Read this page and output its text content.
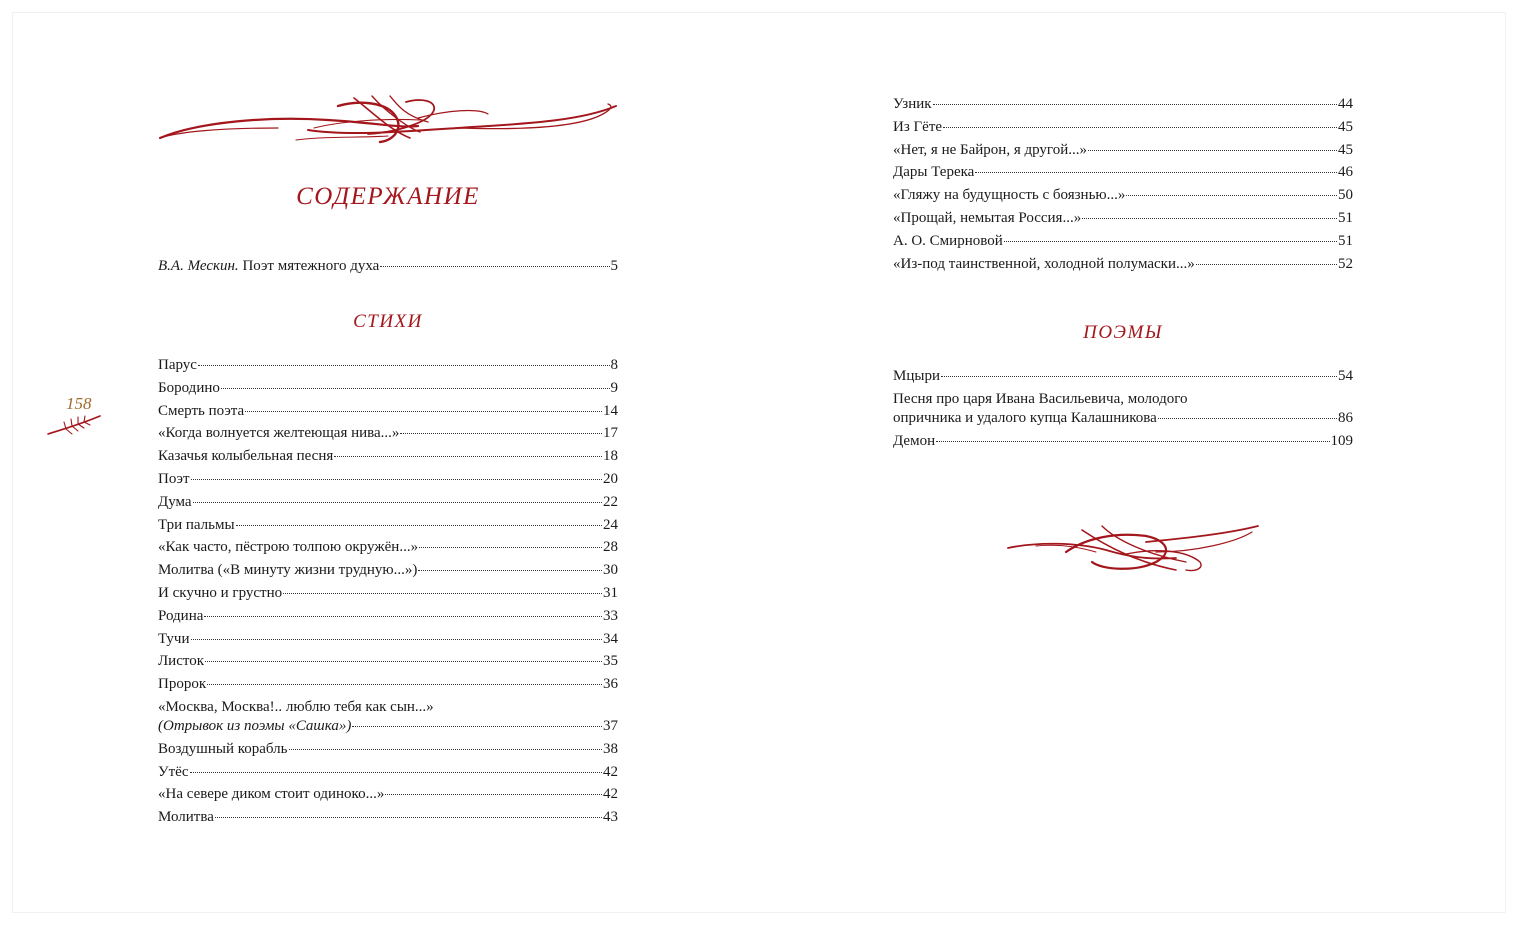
СОДЕРЖАНИЕ
В.А. Мескин. Поэт мятежного духа	5
СТИХИ
Парус	8
Бородино	9
Смерть поэта	14
«Когда волнуется желтеющая нива...»	17
Казачья колыбельная песня	18
Поэт	20
Дума	22
Три пальмы	24
«Как часто, пёстрою толпою окружён...»	28
Молитва («В минуту жизни трудную...»)	30
И скучно и грустно	31
Родина	33
Тучи	34
Листок	35
Пророк	36
«Москва, Москва!.. люблю тебя как сын...»
(Отрывок из поэмы «Сашка»)	37
Воздушный корабль	38
Утёс	42
«На севере диком стоит одиноко...»	42
Молитва	43
158
Узник	44
Из Гёте	45
«Нет, я не Байрон, я другой...»	45
Дары Терека	46
«Гляжу на будущность с боязнью...»	50
«Прощай, немытая Россия...»	51
А. О. Смирновой	51
«Из-под таинственной, холодной полумаски...»	52
ПОЭМЫ
Мцыри	54
Песня про царя Ивана Васильевича, молодого
опричника и удалого купца Калашникова	86
Демон	109
